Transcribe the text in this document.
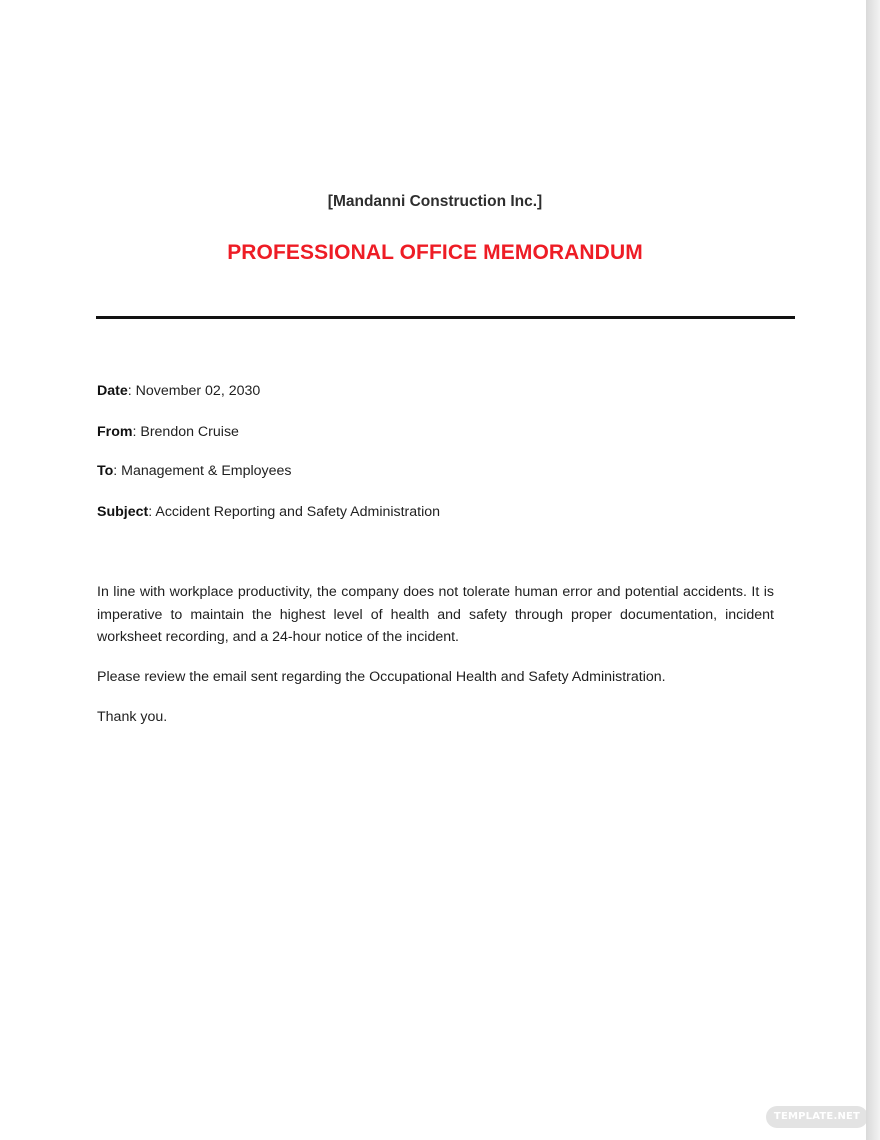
[Mandanni Construction Inc.]
PROFESSIONAL OFFICE MEMORANDUM
Date: November 02, 2030
From: Brendon Cruise
To: Management & Employees
Subject: Accident Reporting and Safety Administration

In line with workplace productivity, the company does not tolerate human error and potential accidents. It is imperative to maintain the highest level of health and safety through proper documentation, incident worksheet recording, and a 24-hour notice of the incident.

Please review the email sent regarding the Occupational Health and Safety Administration.

Thank you.

TEMPLATE.NET
